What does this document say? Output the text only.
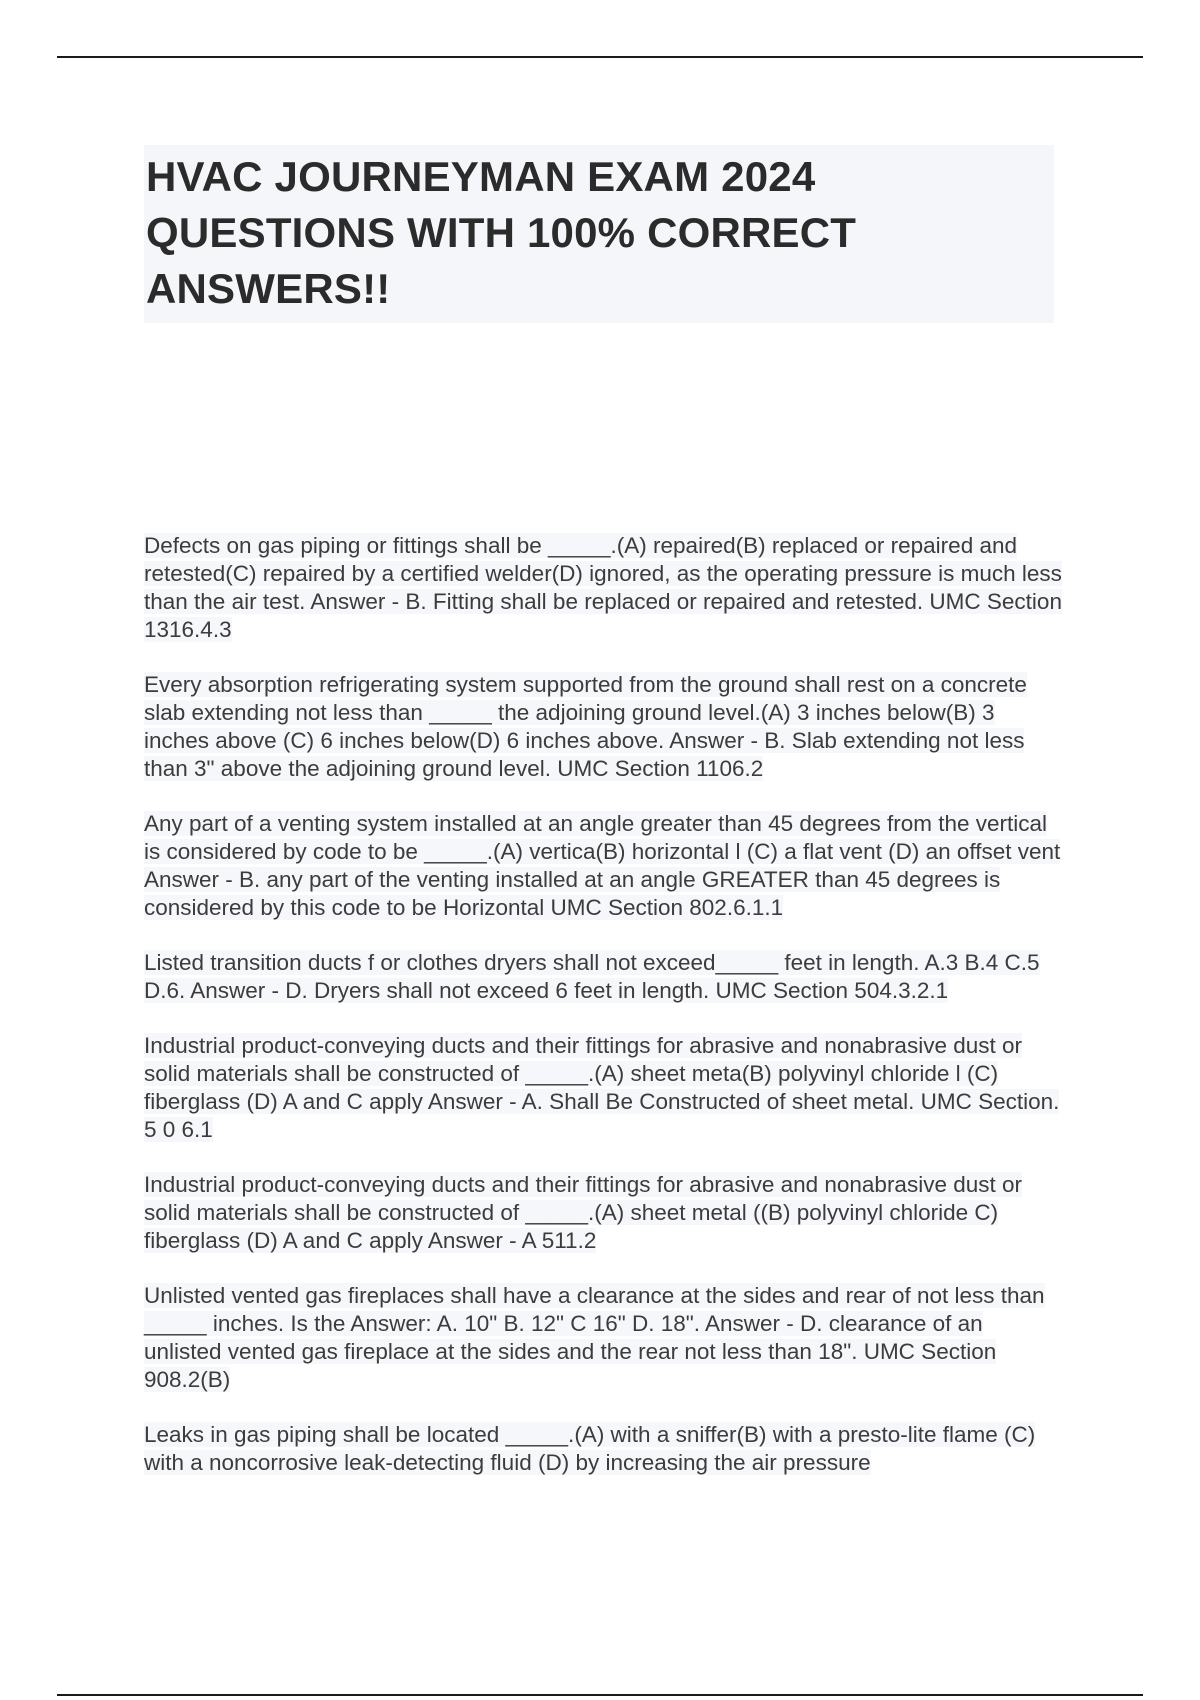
HVAC JOURNEYMAN EXAM 2024 QUESTIONS WITH 100% CORRECT ANSWERS!!

Defects on gas piping or fittings shall be _____.(A) repaired(B) replaced or repaired and retested(C) repaired by a certified welder(D) ignored, as the operating pressure is much less than the air test. Answer - B. Fitting shall be replaced or repaired and retested. UMC Section 1316.4.3

Every absorption refrigerating system supported from the ground shall rest on a concrete slab extending not less than _____ the adjoining ground level.(A) 3 inches below(B) 3 inches above (C) 6 inches below(D) 6 inches above. Answer - B. Slab extending not less than 3" above the adjoining ground level. UMC Section 1106.2

Any part of a venting system installed at an angle greater than 45 degrees from the vertical is considered by code to be _____.(A) vertica(B) horizontal l (C) a flat vent (D) an offset vent Answer - B. any part of the venting installed at an angle GREATER than 45 degrees is considered by this code to be Horizontal UMC Section 802.6.1.1

Listed transition ducts f or clothes dryers shall not exceed_____ feet in length. A.3 B.4 C.5 D.6. Answer - D. Dryers shall not exceed 6 feet in length. UMC Section 504.3.2.1

Industrial product-conveying ducts and their fittings for abrasive and nonabrasive dust or solid materials shall be constructed of _____.(A) sheet meta(B) polyvinyl chloride l (C) fiberglass (D) A and C apply Answer - A. Shall Be Constructed of sheet metal. UMC Section. 5 0 6.1

Industrial product-conveying ducts and their fittings for abrasive and nonabrasive dust or solid materials shall be constructed of _____.(A) sheet metal ((B) polyvinyl chloride C) fiberglass (D) A and C apply Answer - A 511.2

Unlisted vented gas fireplaces shall have a clearance at the sides and rear of not less than _____ inches. Is the Answer: A. 10" B. 12" C 16" D. 18". Answer - D. clearance of an unlisted vented gas fireplace at the sides and the rear not less than 18". UMC Section 908.2(B)

Leaks in gas piping shall be located _____.(A) with a sniffer(B) with a presto-lite flame (C) with a noncorrosive leak-detecting fluid (D) by increasing the air pressure
